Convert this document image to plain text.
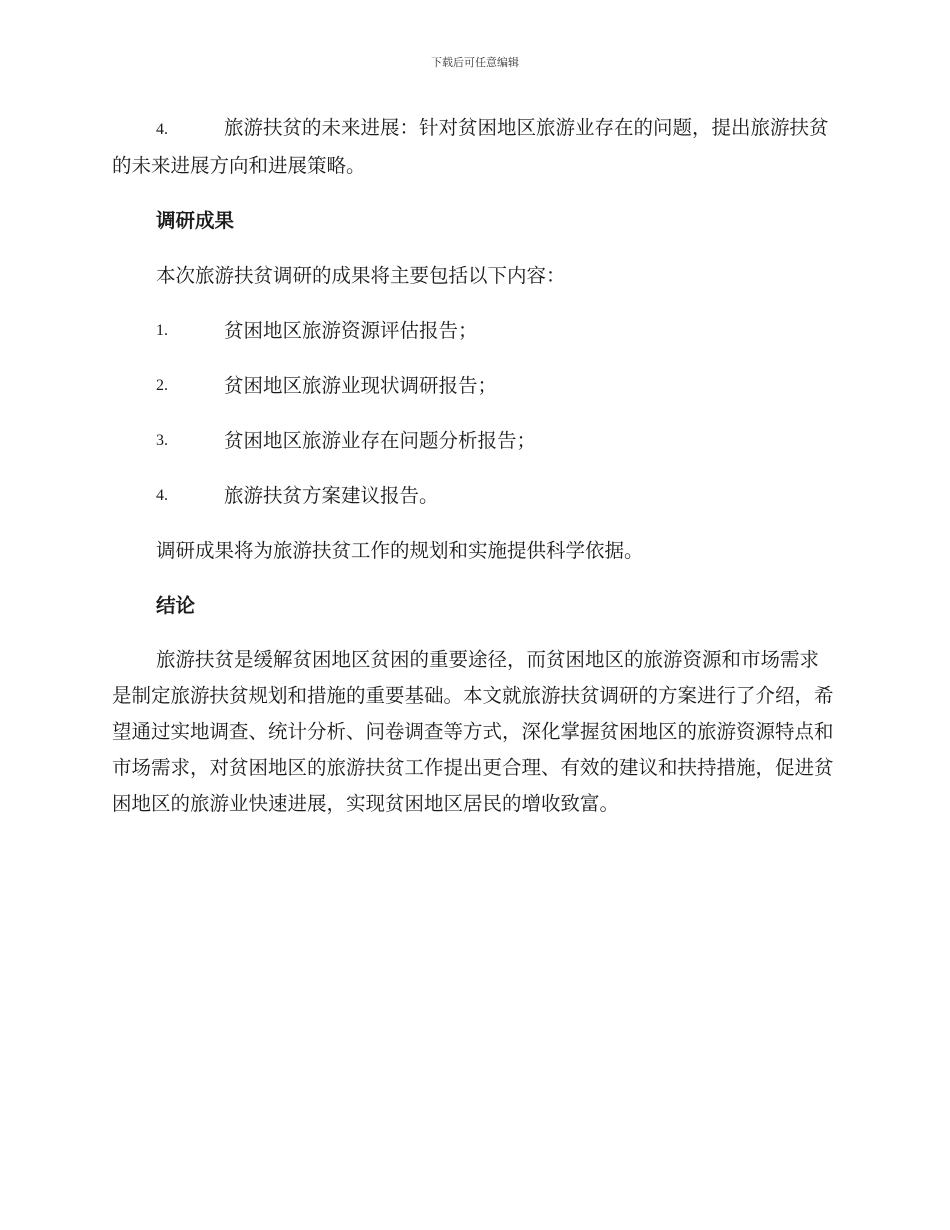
下载后可任意编辑

4.	旅游扶贫的未来进展：针对贫困地区旅游业存在的问题，提出旅游扶贫的未来进展方向和进展策略。

调研成果

本次旅游扶贫调研的成果将主要包括以下内容：

1.	贫困地区旅游资源评估报告；
2.	贫困地区旅游业现状调研报告；
3.	贫困地区旅游业存在问题分析报告；
4.	旅游扶贫方案建议报告。

调研成果将为旅游扶贫工作的规划和实施提供科学依据。

结论

旅游扶贫是缓解贫困地区贫困的重要途径，而贫困地区的旅游资源和市场需求是制定旅游扶贫规划和措施的重要基础。本文就旅游扶贫调研的方案进行了介绍，希望通过实地调查、统计分析、问卷调查等方式，深化掌握贫困地区的旅游资源特点和市场需求，对贫困地区的旅游扶贫工作提出更合理、有效的建议和扶持措施，促进贫困地区的旅游业快速进展，实现贫困地区居民的增收致富。
